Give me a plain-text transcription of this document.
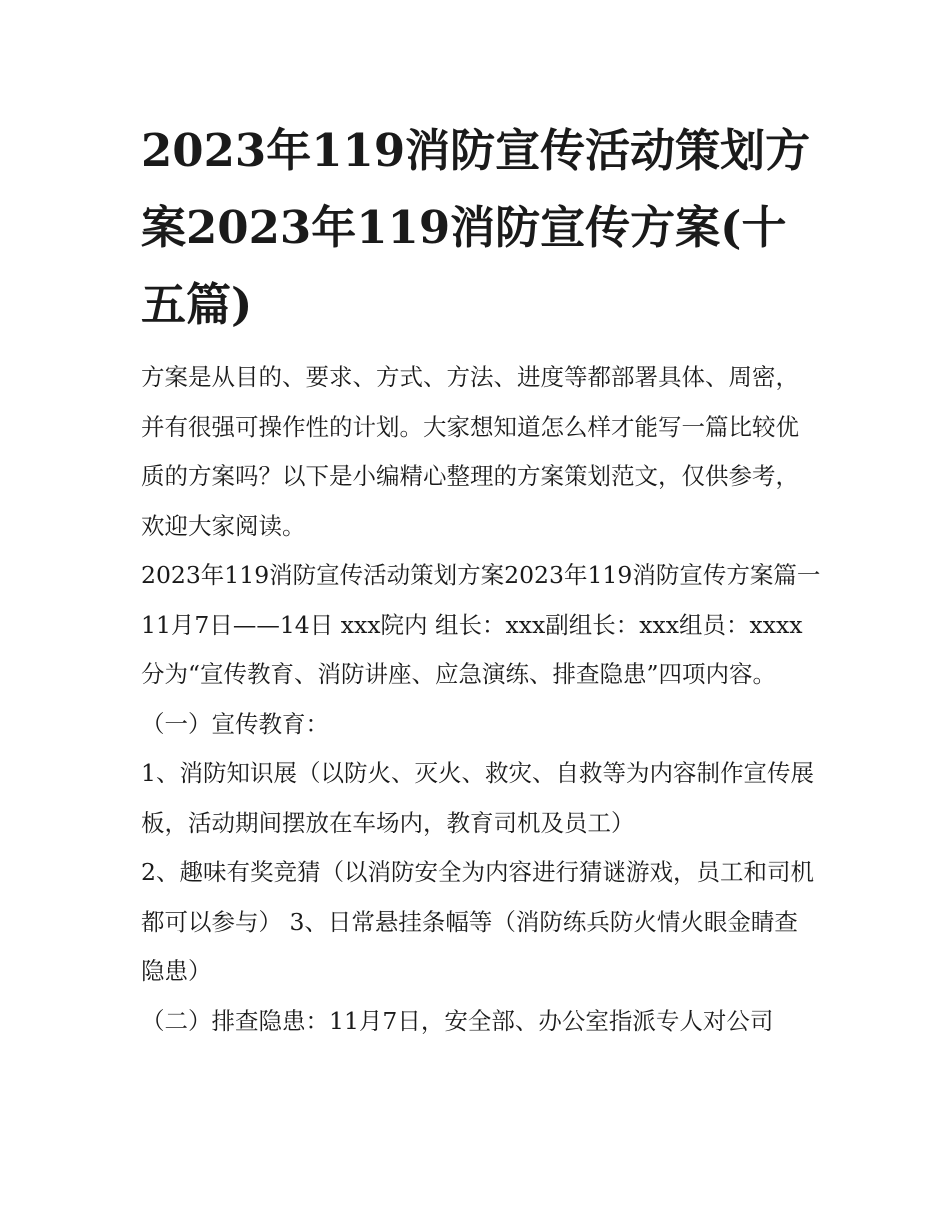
2023年119消防宣传活动策划方案2023年119消防宣传方案(十五篇)

方案是从目的、要求、方式、方法、进度等都部署具体、周密，并有很强可操作性的计划。大家想知道怎么样才能写一篇比较优质的方案吗？以下是小编精心整理的方案策划范文，仅供参考，欢迎大家阅读。

2023年119消防宣传活动策划方案2023年119消防宣传方案篇一 11月7日——14日 xxx院内 组长：xxx副组长：xxx组员：xxxx

分为“宣传教育、消防讲座、应急演练、排查隐患”四项内容。

（一）宣传教育：

1、消防知识展（以防火、灭火、救灾、自救等为内容制作宣传展板，活动期间摆放在车场内，教育司机及员工）

2、趣味有奖竞猜（以消防安全为内容进行猜谜游戏，员工和司机都可以参与） 3、日常悬挂条幅等（消防练兵防火情火眼金睛查隐患）

（二）排查隐患：11月7日，安全部、办公室指派专人对公司
